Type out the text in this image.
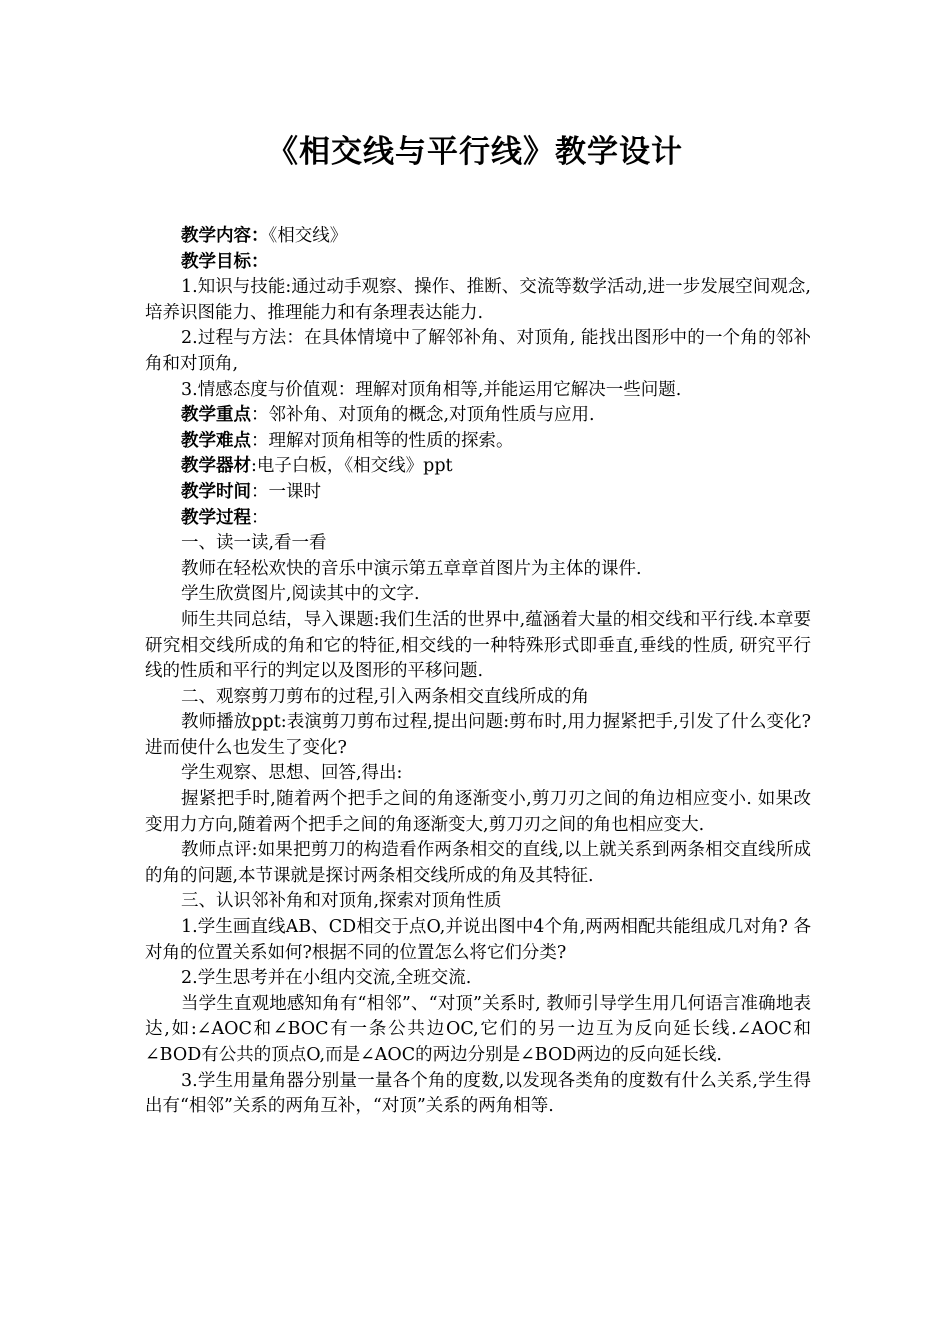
《相交线与平行线》教学设计

教学内容：《相交线》

教学目标：

1.知识与技能:通过动手观察、操作、推断、交流等数学活动,进一步发展空间观念,培养识图能力、推理能力和有条理表达能力.

2.过程与方法：在具体情境中了解邻补角、对顶角, 能找出图形中的一个角的邻补角和对顶角,

3.情感态度与价值观：理解对顶角相等,并能运用它解决一些问题.

教学重点：邻补角、对顶角的概念,对顶角性质与应用.

教学难点：理解对顶角相等的性质的探索。

教学器材:电子白板，《相交线》ppt

教学时间：一课时

教学过程：

一、读一读,看一看

教师在轻松欢快的音乐中演示第五章章首图片为主体的课件.

学生欣赏图片,阅读其中的文字.

师生共同总结，导入课题:我们生活的世界中,蕴涵着大量的相交线和平行线.本章要研究相交线所成的角和它的特征,相交线的一种特殊形式即垂直,垂线的性质, 研究平行线的性质和平行的判定以及图形的平移问题.

二、观察剪刀剪布的过程,引入两条相交直线所成的角

教师播放ppt:表演剪刀剪布过程,提出问题:剪布时,用力握紧把手,引发了什么变化?进而使什么也发生了变化?

学生观察、思想、回答,得出:

握紧把手时,随着两个把手之间的角逐渐变小,剪刀刃之间的角边相应变小. 如果改变用力方向,随着两个把手之间的角逐渐变大,剪刀刃之间的角也相应变大.

教师点评:如果把剪刀的构造看作两条相交的直线,以上就关系到两条相交直线所成的角的问题,本节课就是探讨两条相交线所成的角及其特征.

三、认识邻补角和对顶角,探索对顶角性质

1.学生画直线AB、CD相交于点O,并说出图中4个角,两两相配共能组成几对角? 各对角的位置关系如何?根据不同的位置怎么将它们分类?

2.学生思考并在小组内交流,全班交流.

当学生直观地感知角有“相邻”、“对顶”关系时, 教师引导学生用几何语言准确地表达,如:∠AOC和∠BOC有一条公共边OC,它们的另一边互为反向延长线.∠AOC和∠BOD有公共的顶点O,而是∠AOC的两边分别是∠BOD两边的反向延长线.

3.学生用量角器分别量一量各个角的度数,以发现各类角的度数有什么关系,学生得出有“相邻”关系的两角互补，“对顶”关系的两角相等.
